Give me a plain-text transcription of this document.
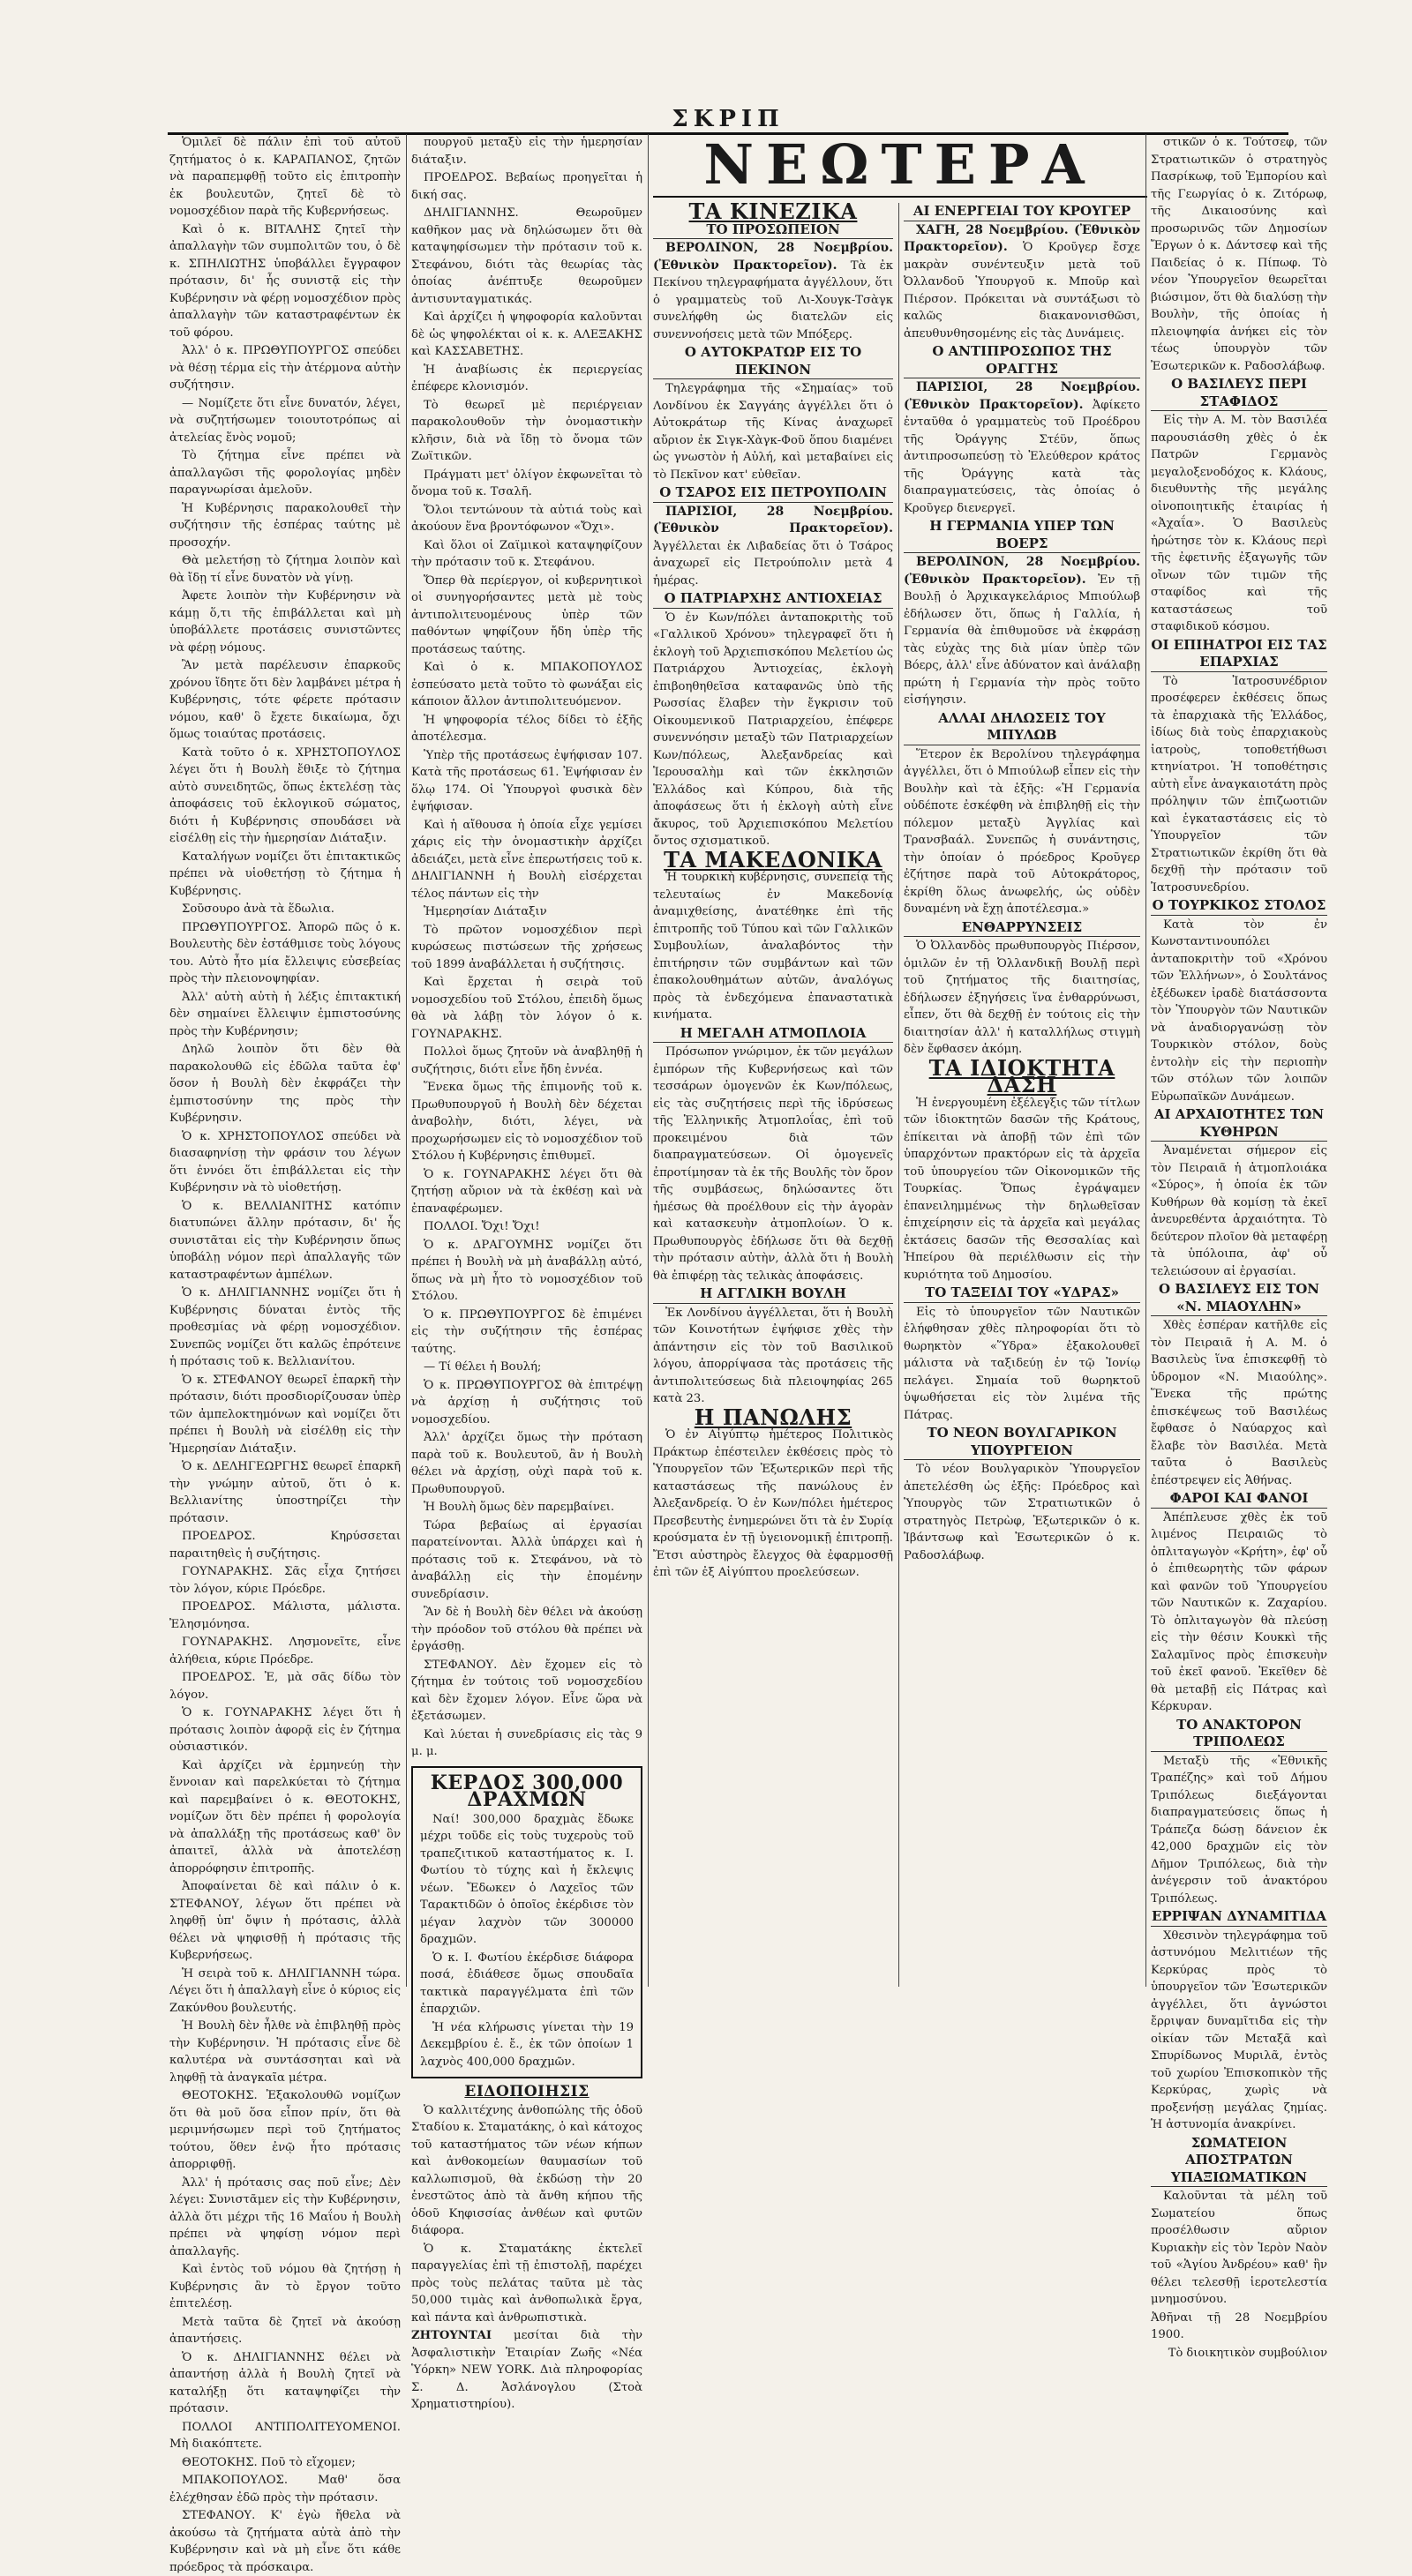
ΣΚΡΙΠ

Ὁμιλεῖ δὲ πάλιν ἐπὶ τοῦ αὐτοῦ ζητήματος ὁ κ. ΚΑΡΑΠΑΝΟΣ, ζητῶν νὰ παραπεμφθῇ τοῦτο εἰς ἐπιτροπὴν ἐκ βουλευτῶν, ζητεῖ δὲ τὸ νομοσχέδιον παρὰ τῆς Κυβερνήσεως.

Καὶ ὁ κ. ΒΙΤΑΛΗΣ ζητεῖ τὴν ἀπαλλαγὴν τῶν συμπολιτῶν του, ὁ δὲ κ. ΣΠΗΛΙΩΤΗΣ ὑποβάλλει ἔγγραφον πρότασιν, δι' ἧς συνιστᾷ εἰς τὴν Κυβέρνησιν νὰ φέρῃ νομοσχέδιον πρὸς ἀπαλλαγὴν τῶν καταστραφέντων ἐκ τοῦ φόρου.

Ἀλλ' ὁ κ. ΠΡΩΘΥΠΟΥΡΓΟΣ σπεύδει νὰ θέσῃ τέρμα εἰς τὴν ἀτέρμονα αὐτὴν συζήτησιν.

— Νομίζετε ὅτι εἶνε δυνατόν, λέγει, νὰ συζητήσωμεν τοιουτοτρόπως αἱ ἀτελείας ἕνὸς νομοῦ;

Τὸ ζήτημα εἶνε πρέπει νὰ ἀπαλλαγῶσι τῆς φορολογίας μηδὲν παραγνωρίσαι ἀμελοῦν.

Ἡ Κυβέρνησις παρακολουθεῖ τὴν συζήτησιν τῆς ἐσπέρας ταύτης μὲ προσοχήν.

Θὰ μελετήσῃ τὸ ζήτημα λοιπὸν καὶ θὰ ἴδῃ τί εἶνε δυνατὸν νὰ γίνῃ.

Ἀφετε λοιπὸν τὴν Κυβέρνησιν νὰ κάμῃ ὅ,τι τῆς ἐπιβάλλεται καὶ μὴ ὑποβάλλετε προτάσεις συνιστῶντες νὰ φέρῃ νόμους.

Ἂν μετὰ παρέλευσιν ἐπαρκοῦς χρόνου ἴδητε ὅτι δὲν λαμβάνει μέτρα ἡ Κυβέρνησις, τότε φέρετε πρότασιν νόμου, καθ' ὃ ἔχετε δικαίωμα, ὄχι ὅμως τοιαύτας προτάσεις.

Κατὰ τοῦτο ὁ κ. ΧΡΗΣΤΟΠΟΥΛΟΣ λέγει ὅτι ἡ Βουλὴ ἔθιξε τὸ ζήτημα αὐτὸ συνειδητῶς, ὅπως ἐκτελέσῃ τὰς ἀποφάσεις τοῦ ἐκλογικοῦ σώματος, διότι ἡ Κυβέρνησις σπουδάσει νὰ εἰσέλθῃ εἰς τὴν ἡμερησίαν Διάταξιν.

Καταλήγων νομίζει ὅτι ἐπιτακτικῶς πρέπει νὰ υἱοθετήσῃ τὸ ζήτημα ἡ Κυβέρνησις.

Σοῦσουρο ἀνὰ τὰ ἕδωλια.

ΠΡΩΘΥΠΟΥΡΓΟΣ. Ἀπορῶ πῶς ὁ κ. Βουλευτὴς δὲν ἐστάθμισε τοὺς λόγους του. Αὐτὸ ἦτο μία ἔλλειψις εὐσεβείας πρὸς τὴν πλειονοψηφίαν.

Ἀλλ' αὐτὴ αὐτὴ ἡ λέξις ἐπιτακτική δὲν σημαίνει ἔλλειψιν ἐμπιστοσύνης πρὸς τὴν Κυβέρνησιν;

Δηλῶ λοιπὸν ὅτι δὲν θὰ παρακολουθῶ εἰς ἐδῶλα ταῦτα ἐφ' ὅσον ἡ Βουλὴ δὲν ἐκφράζει τὴν ἐμπιστοσύνην της πρὸς τὴν Κυβέρνησιν.

Ὁ κ. ΧΡΗΣΤΟΠΟΥΛΟΣ σπεύδει νὰ διασαφηνίσῃ τὴν φράσιν του λέγων ὅτι ἐννόει ὅτι ἐπιβάλλεται εἰς τὴν Κυβέρνησιν νὰ τὸ υἱοθετήσῃ.

Ὁ κ. ΒΕΛΛΙΑΝΙΤΗΣ κατόπιν διατυπώνει ἄλλην πρότασιν, δι' ἧς συνιστᾶται εἰς τὴν Κυβέρνησιν ὅπως ὑποβάλῃ νόμον περὶ ἀπαλλαγῆς τῶν καταστραφέντων ἀμπέλων.

Ὁ κ. ΔΗΛΙΓΙΑΝΝΗΣ νομίζει ὅτι ἡ Κυβέρνησις δύναται ἐντὸς τῆς προθεσμίας νὰ φέρῃ νομοσχέδιον. Συνεπῶς νομίζει ὅτι καλῶς ἐπρότεινε ἡ πρότασις τοῦ κ. Βελλιανίτου.

Ὁ κ. ΣΤΕΦΑΝΟΥ θεωρεῖ ἐπαρκῆ τὴν πρότασιν, διότι προσδιορίζουσαν ὑπὲρ τῶν ἀμπελοκτημόνων καὶ νομίζει ὅτι πρέπει ἡ Βουλὴ νὰ εἰσέλθῃ εἰς τὴν Ἡμερησίαν Διάταξιν.

Ὁ κ. ΔΕΛΗΓΕΩΡΓΗΣ θεωρεῖ ἐπαρκῆ τὴν γνώμην αὐτοῦ, ὅτι ὁ κ. Βελλιανίτης ὑποστηρίζει τὴν πρότασιν.

ΠΡΟΕΔΡΟΣ. Κηρύσσεται παραιτηθεὶς ἡ συζήτησις.

ΓΟΥΝΑΡΑΚΗΣ. Σᾶς εἶχα ζητήσει τὸν λόγον, κύριε Πρόεδρε.

ΠΡΟΕΔΡΟΣ. Μάλιστα, μάλιστα. Ἐλησμόνησα.

ΓΟΥΝΑΡΑΚΗΣ. Λησμονεῖτε, εἶνε ἀλήθεια, κύριε Πρόεδρε.

ΠΡΟΕΔΡΟΣ. Ἐ, μὰ σᾶς δίδω τὸν λόγον.

Ὁ κ. ΓΟΥΝΑΡΑΚΗΣ λέγει ὅτι ἡ πρότασις λοιπὸν ἀφορᾷ εἰς ἑν ζήτημα οὐσιαστικόν.

Καὶ ἀρχίζει νὰ ἐρμηνεύῃ τὴν ἔννοιαν καὶ παρελκύεται τὸ ζήτημα καὶ παρεμβαίνει ὁ κ. ΘΕΟΤΟΚΗΣ, νομίζων ὅτι δὲν πρέπει ἡ φορολογία νὰ ἀπαλλάξῃ τῆς προτάσεως καθ' ὃν ἀπαιτεῖ, ἀλλὰ νὰ ἀποτελέσῃ ἀπορρόφησιν ἐπιτροπῆς.

Ἀποφαίνεται δὲ καὶ πάλιν ὁ κ. ΣΤΕΦΑΝΟΥ, λέγων ὅτι πρέπει νὰ ληφθῇ ὑπ' ὄψιν ἡ πρότασις, ἀλλὰ θέλει νὰ ψηφισθῇ ἡ πρότασις τῆς Κυβερνήσεως.

Ἡ σειρὰ τοῦ κ. ΔΗΛΙΓΙΑΝΝΗ τώρα. Λέγει ὅτι ἡ ἀπαλλαγὴ εἶνε ὁ κύριος εἰς Ζακύνθου βουλευτής.

Ἡ Βουλὴ δὲν ἦλθε νὰ ἐπιβληθῇ πρὸς τὴν Κυβέρνησιν. Ἡ πρότασις εἶνε δὲ καλυτέρα νὰ συντάσσηται καὶ νὰ ληφθῇ τὰ ἀναγκαῖα μέτρα.

ΘΕΟΤΟΚΗΣ. Ἐξακολουθῶ νομίζων ὅτι θὰ μοῦ ὅσα εἶπον πρίν, ὅτι θὰ μεριμνήσωμεν περὶ τοῦ ζητήματος τούτου, ὅθεν ἐνῷ ἦτο πρότασις ἀπορριφθῇ.

Ἀλλ' ἡ πρότασις σας ποῦ εἶνε; Δὲν λέγει: Συνιστᾶμεν εἰς τὴν Κυβέρνησιν, ἀλλὰ ὅτι μέχρι τῆς 16 Μαΐου ἡ Βουλὴ πρέπει νὰ ψηφίσῃ νόμον περὶ ἀπαλλαγῆς.

Καὶ ἐντὸς τοῦ νόμου θὰ ζητήσῃ ἡ Κυβέρνησις ἂν τὸ ἔργον τοῦτο ἐπιτελέσῃ.

Μετὰ ταῦτα δὲ ζητεῖ νὰ ἀκούσῃ ἀπαντήσεις.

Ὁ κ. ΔΗΛΙΓΙΑΝΝΗΣ θέλει νὰ ἀπαντήσῃ ἀλλὰ ἡ Βουλὴ ζητεῖ νὰ καταλήξῃ ὅτι καταψηφίζει τὴν πρότασιν.

ΠΟΛΛΟΙ ΑΝΤΙΠΟΛΙΤΕΥΟΜΕΝΟΙ. Μὴ διακόπτετε.

ΘΕΟΤΟΚΗΣ. Ποῦ τὸ εἴχομεν;

ΜΠΑΚΟΠΟΥΛΟΣ. Μαθ' ὅσα ἐλέχθησαν ἐδῶ πρὸς τὴν πρότασιν.

ΣΤΕΦΑΝΟΥ. Κ' ἐγὼ ἤθελα νὰ ἀκούσω τὰ ζητήματα αὐτὰ ἀπὸ τὴν Κυβέρνησιν καὶ νὰ μὴ εἶνε ὅτι κάθε πρόεδρος τὰ πρόσκαιρα.

πουργοῦ μεταξὺ εἰς τὴν ἡμερησίαν διάταξιν.

ΠΡΟΕΔΡΟΣ. Βεβαίως προηγεῖται ἡ δική σας.

ΔΗΛΙΓΙΑΝΝΗΣ. Θεωροῦμεν καθῆκον μας νὰ δηλώσωμεν ὅτι θὰ καταψηφίσωμεν τὴν πρότασιν τοῦ κ. Στεφάνου, διότι τὰς θεωρίας τὰς ὁποίας ἀνέπτυξε θεωροῦμεν ἀντισυνταγματικάς.

Καὶ ἀρχίζει ἡ ψηφοφορία καλοῦνται δὲ ὡς ψηφολέκται οἱ κ. κ. ΑΛΕΞΑΚΗΣ καὶ ΚΑΣΣΑΒΕΤΗΣ.

Ἡ ἀναβίωσις ἐκ περιεργείας ἐπέφερε κλονισμόν.

Τὸ θεωρεῖ μὲ περιέργειαν παρακολουθοῦν τὴν ὀνομαστικὴν κλῆσιν, διὰ νὰ ἴδῃ τὸ ὄνομα τῶν Ζωϊτικῶν.

Πράγματι μετ' ὀλίγον ἐκφωνεῖται τὸ ὄνομα τοῦ κ. Τσαλῆ.

Ὅλοι τεντώνουν τὰ αὐτιά τοὺς καὶ ἀκούουν ἕνα βροντόφωνον «Ὄχι».

Καὶ ὅλοι οἱ Ζαϊμικοὶ καταψηφίζουν τὴν πρότασιν τοῦ κ. Στεφάνου.

Ὅπερ θὰ περίεργον, οἱ κυβερνητικοὶ οἱ συνηγορήσαντες μετὰ μὲ τοὺς ἀντιπολιτευομένους ὑπὲρ τῶν παθόντων ψηφίζουν ἤδη ὑπὲρ τῆς προτάσεως ταύτης.

Καὶ ὁ κ. ΜΠΑΚΟΠΟΥΛΟΣ ἐσπεύσατο μετὰ τοῦτο τὸ φωνάξαι εἰς κάποιον ἄλλον ἀντιπολιτευόμενον.

Ἡ ψηφοφορία τέλος δίδει τὸ ἑξῆς ἀποτέλεσμα.

Ὑπὲρ τῆς προτάσεως ἐψήφισαν 107. Κατὰ τῆς προτάσεως 61. Ἐψήφισαν ἐν ὅλῳ 174. Οἱ Ὑπουργοὶ φυσικὰ δὲν ἐψήφισαν.

Καὶ ἡ αἴθουσα ἡ ὁποία εἶχε γεμίσει χάρις εἰς τὴν ὀνομαστικὴν ἀρχίζει ἀδειάζει, μετὰ εἶνε ἐπερωτήσεις τοῦ κ. ΔΗΛΙΓΙΑΝΝΗ ἡ Βουλὴ εἰσέρχεται τέλος πάντων εἰς τὴν

Ἡμερησίαν Διάταξιν

Τὸ πρῶτον νομοσχέδιον περὶ κυρώσεως πιστώσεων τῆς χρήσεως τοῦ 1899 ἀναβάλλεται ἡ συζήτησις.

Καὶ ἔρχεται ἡ σειρὰ τοῦ νομοσχεδίου τοῦ Στόλου, ἐπειδὴ ὅμως θὰ νὰ λάβῃ τὸν λόγον ὁ κ. ΓΟΥΝΑΡΑΚΗΣ.

Πολλοὶ ὅμως ζητοῦν νὰ ἀναβληθῇ ἡ συζήτησις, διότι εἶνε ἤδη ἐννέα.

Ἕνεκα ὅμως τῆς ἐπιμονῆς τοῦ κ. Πρωθυπουργοῦ ἡ Βουλὴ δὲν δέχεται ἀναβολὴν, διότι, λέγει, νὰ προχωρήσωμεν εἰς τὸ νομοσχέδιον τοῦ Στόλου ἡ Κυβέρνησις ἐπιθυμεῖ.

Ὁ κ. ΓΟΥΝΑΡΑΚΗΣ λέγει ὅτι θὰ ζητήσῃ αὔριον νὰ τὰ ἐκθέσῃ καὶ νὰ ἐπαναφέρωμεν.

ΠΟΛΛΟΙ. Ὄχι! Ὄχι!

Ὁ κ. ΔΡΑΓΟΥΜΗΣ νομίζει ὅτι πρέπει ἡ Βουλὴ νὰ μὴ ἀναβάλλῃ αὐτό, ὅπως νὰ μὴ ἦτο τὸ νομοσχέδιον τοῦ Στόλου.

Ὁ κ. ΠΡΩΘΥΠΟΥΡΓΟΣ δὲ ἐπιμένει εἰς τὴν συζήτησιν τῆς ἐσπέρας ταύτης.

— Τί θέλει ἡ Βουλή;

Ὁ κ. ΠΡΩΘΥΠΟΥΡΓΟΣ θὰ ἐπιτρέψῃ νὰ ἀρχίσῃ ἡ συζήτησις τοῦ νομοσχεδίου.

Ἀλλ' ἀρχίζει ὅμως τὴν πρόταση παρὰ τοῦ κ. Βουλευτοῦ, ἂν ἡ Βουλὴ θέλει νὰ ἀρχίσῃ, οὐχὶ παρὰ τοῦ κ. Πρωθυπουργοῦ.

Ἡ Βουλὴ ὅμως δὲν παρεμβαίνει.

Τώρα βεβαίως αἱ ἐργασίαι παρατείνονται. Ἀλλὰ ὑπάρχει καὶ ἡ πρότασις τοῦ κ. Στεφάνου, νὰ τὸ ἀναβάλλῃ εἰς τὴν ἐπομένην συνεδρίασιν.

Ἂν δὲ ἡ Βουλὴ δὲν θέλει νὰ ἀκούσῃ τὴν πρόοδον τοῦ στόλου θὰ πρέπει νὰ ἐργάσθῃ.

ΣΤΕΦΑΝΟΥ. Δὲν ἔχομεν εἰς τὸ ζήτημα ἐν τούτοις τοῦ νομοσχεδίου καὶ δὲν ἔχομεν λόγον. Εἶνε ὥρα νὰ ἐξετάσωμεν.

Καὶ λύεται ἡ συνεδρίασις εἰς τὰς 9 μ. μ.

ΚΕΡΔΟΣ 300,000 ΔΡΑΧΜΩΝ

Ναί! 300,000 δραχμὰς ἔδωκε μέχρι τοῦδε εἰς τοὺς τυχεροὺς τοῦ τραπεζιτικοῦ καταστήματος κ. Ι. Φωτίου τὸ τύχης καὶ ἡ ἔκλεψις νέων. Ἔδωκεν ὁ Λαχεῖος τῶν Ταρακτιδῶν ὁ ὁποῖος ἐκέρδισε τὸν μέγαν λαχνὸν τῶν 300000 δραχμῶν.

Ὁ κ. Ι. Φωτίου ἐκέρδισε διάφορα ποσά, ἐδιάθεσε ὅμως σπουδαῖα τακτικὰ παραγγέλματα ἐπὶ τῶν ἐπαρχιῶν.

Ἡ νέα κλήρωσις γίνεται τὴν 19 Δεκεμβρίου ἐ. ἔ., ἐκ τῶν ὁποίων 1 λαχνὸς 400,000 δραχμῶν.

ΕΙΔΟΠΟΙΗΣΙΣ

Ὁ καλλιτέχνης ἀνθοπώλης τῆς ὁδοῦ Σταδίου κ. Σταματάκης, ὁ καὶ κάτοχος τοῦ καταστήματος τῶν νέων κήπων καὶ ἀνθοκομείων θαυμασίων τοῦ καλλωπισμοῦ, θὰ ἐκδώσῃ τὴν 20 ἐνεστῶτος ἀπὸ τὰ ἄνθη κήπου τῆς ὁδοῦ Κηφισσίας ἀνθέων καὶ φυτῶν διάφορα.

Ὁ κ. Σταματάκης ἐκτελεῖ παραγγελίας ἐπὶ τῇ ἐπιστολῇ, παρέχει πρὸς τοὺς πελάτας ταῦτα μὲ τὰς 50,000 τιμὰς καὶ ἀνθοπωλικὰ ἔργα, καὶ πάντα καὶ ἀνθρωπιστικὰ.

ΖΗΤΟΥΝΤΑΙ μεσίται διὰ τὴν Ἀσφαλιστικὴν Ἑταιρίαν Ζωῆς «Νέα Ὑόρκη» NEW YORK. Διὰ πληροφορίας Σ. Δ. Ἀσλάνογλου (Στοὰ Χρηματιστηρίου).

ΝΕΩΤΕΡΑ

ΤΑ ΚΙΝΕΖΙΚΑ

ΤΟ ΠΡΟΣΩΠΕΙΟΝ

ΒΕΡΟΛΙΝΟΝ, 28 Νοεμβρίου. (Ἐθνικὸν Πρακτορεῖον). Τὰ ἐκ Πεκίνου τηλεγραφήματα ἀγγέλλουν, ὅτι ὁ γραμματεὺς τοῦ Λι-Χουγκ-Τσὰγκ συνελήφθη ὡς διατελῶν εἰς συνεννοήσεις μετὰ τῶν Μπόξερς.

Ο ΑΥΤΟΚΡΑΤΩΡ ΕΙΣ ΤΟ ΠΕΚΙΝΟΝ

Τηλεγράφημα τῆς «Σημαίας» τοῦ Λονδίνου ἐκ Σαγγάης ἀγγέλλει ὅτι ὁ Αὐτοκράτωρ τῆς Κίνας ἀναχωρεῖ αὔριον ἐκ Σιγκ-Χὰγκ-Φοῦ ὅπου διαμένει ὡς γνωστὸν ἡ Αὐλή, καὶ μεταβαίνει εἰς τὸ Πεκῖνον κατ' εὐθεῖαν.

Ο ΤΣΑΡΟΣ ΕΙΣ ΠΕΤΡΟΥΠΟΛΙΝ

ΠΑΡΙΣΙΟΙ, 28 Νοεμβρίου. (Ἐθνικὸν Πρακτορεῖον). Ἀγγέλλεται ἐκ Λιβαδείας ὅτι ὁ Τσάρος ἀναχωρεῖ εἰς Πετρούπολιν μετὰ 4 ἡμέρας.

Ο ΠΑΤΡΙΑΡΧΗΣ ΑΝΤΙΟΧΕΙΑΣ

Ὁ ἐν Κων/πόλει ἀνταποκριτὴς τοῦ «Γαλλικοῦ Χρόνου» τηλεγραφεῖ ὅτι ἡ ἐκλογὴ τοῦ Ἀρχιεπισκόπου Μελετίου ὡς Πατριάρχου Ἀντιοχείας, ἐκλογὴ ἐπιβοηθηθεῖσα καταφανῶς ὑπὸ τῆς Ρωσσίας ἔλαβεν τὴν ἔγκρισιν τοῦ Οἰκουμενικοῦ Πατριαρχείου, ἐπέφερε συνεννόησιν μεταξὺ τῶν Πατριαρχείων Κων/πόλεως, Ἀλεξανδρείας καὶ Ἱερουσαλὴμ καὶ τῶν ἐκκλησιῶν Ἑλλάδος καὶ Κύπρου, διὰ τῆς ἀποφάσεως ὅτι ἡ ἐκλογὴ αὐτὴ εἶνε ἄκυρος, τοῦ Ἀρχιεπισκόπου Μελετίου ὄντος σχισματικοῦ.

ΤΑ ΜΑΚΕΔΟΝΙΚΑ

Ἡ τουρκικὴ κυβέρνησις, συνεπείᾳ τῆς τελευταίως ἐν Μακεδονίᾳ ἀναμιχθείσης, ἀνατέθηκε ἐπὶ τῆς ἐπιτροπῆς τοῦ Τύπου καὶ τῶν Γαλλικῶν Συμβουλίων, ἀναλαβόντος τὴν ἐπιτήρησιν τῶν συμβάντων καὶ τῶν ἐπακολουθημάτων αὐτῶν, ἀναλόγως πρὸς τὰ ἐνδεχόμενα ἐπαναστατικὰ κινήματα.

Η ΜΕΓΑΛΗ ΑΤΜΟΠΛΟΙΑ

Πρόσωπον γνώριμον, ἐκ τῶν μεγάλων ἐμπόρων τῆς Κυβερνήσεως καὶ τῶν τεσσάρων ὁμογενῶν ἐκ Κων/πόλεως, εἰς τὰς συζητήσεις περὶ τῆς ἱδρύσεως τῆς Ἑλληνικῆς Ἀτμοπλοΐας, ἐπὶ τοῦ προκειμένου διὰ τῶν διαπραγματεύσεων. Οἱ ὁμογενεῖς ἐπροτίμησαν τὰ ἐκ τῆς Βουλῆς τὸν ὅρον τῆς συμβάσεως, δηλώσαντες ὅτι ἠμέσως θὰ προέλθουν εἰς τὴν ἀγορὰν καὶ κατασκευὴν ἀτμοπλοίων. Ὁ κ. Πρωθυπουργὸς ἐδήλωσε ὅτι θὰ δεχθῇ τὴν πρότασιν αὐτὴν, ἀλλὰ ὅτι ἡ Βουλὴ θὰ ἐπιφέρῃ τὰς τελικὰς ἀποφάσεις.

Η ΑΓΓΛΙΚΗ ΒΟΥΛΗ

Ἐκ Λονδίνου ἀγγέλλεται, ὅτι ἡ Βουλὴ τῶν Κοινοτήτων ἐψήφισε χθὲς τὴν ἀπάντησιν εἰς τὸν τοῦ Βασιλικοῦ λόγου, ἀπορρίψασα τὰς προτάσεις τῆς ἀντιπολιτεύσεως διὰ πλειοψηφίας 265 κατὰ 23.

Η ΠΑΝΩΛΗΣ

Ὁ ἐν Αἰγύπτῳ ἡμέτερος Πολιτικὸς Πράκτωρ ἐπέστειλεν ἐκθέσεις πρὸς τὸ Ὑπουργεῖον τῶν Ἐξωτερικῶν περὶ τῆς καταστάσεως τῆς πανώλους ἐν Ἀλεξανδρείᾳ. Ὁ ἐν Κων/πόλει ἡμέτερος Πρεσβευτὴς ἐνημερώνει ὅτι τὰ ἐν Συρίᾳ κρούσματα ἐν τῇ ὑγειονομικῇ ἐπιτροπῇ. Ἔτσι αὐστηρὸς ἔλεγχος θὰ ἐφαρμοσθῇ ἐπὶ τῶν ἐξ Αἰγύπτου προελεύσεων.

ΑΙ ΕΝΕΡΓΕΙΑΙ ΤΟΥ ΚΡΟΥΓΕΡ

ΧΑΓΗ, 28 Νοεμβρίου. (Ἐθνικὸν Πρακτορεῖον). Ὁ Κροῦγερ ἔσχε μακρὰν συνέντευξιν μετὰ τοῦ Ὀλλανδοῦ Ὑπουργοῦ κ. Μποῦρ καὶ Πιέρσον. Πρόκειται νὰ συντάξωσι τὸ καλῶς διακανονισθῶσι, ἀπευθυνθησομένης εἰς τὰς Δυνάμεις.

Ο ΑΝΤΙΠΡΟΣΩΠΟΣ ΤΗΣ ΟΡΑΓΓΗΣ

ΠΑΡΙΣΙΟΙ, 28 Νοεμβρίου. (Ἐθνικὸν Πρακτορεῖον). Ἀφίκετο ἐνταῦθα ὁ γραμματεὺς τοῦ Προέδρου τῆς Ὀράγγης Στέϋν, ὅπως ἀντιπροσωπεύσῃ τὸ Ἐλεύθερον κράτος τῆς Ὀράγγης κατὰ τὰς διαπραγματεύσεις, τὰς ὁποίας ὁ Κροῦγερ διενεργεῖ.

Η ΓΕΡΜΑΝΙΑ ΥΠΕΡ ΤΩΝ ΒΟΕΡΣ

ΒΕΡΟΛΙΝΟΝ, 28 Νοεμβρίου. (Ἐθνικὸν Πρακτορεῖον). Ἐν τῇ Βουλῇ ὁ Ἀρχικαγκελάριος Μπιούλωβ ἐδήλωσεν ὅτι, ὅπως ἡ Γαλλία, ἡ Γερμανία θὰ ἐπιθυμοῦσε νὰ ἐκφράσῃ τὰς εὐχὰς της διὰ μίαν ὑπὲρ τῶν Βόερς, ἀλλ' εἶνε ἀδύνατον καὶ ἀνάλαβῃ πρώτη ἡ Γερμανία τὴν πρὸς τοῦτο εἰσήγησιν.

ΑΛΛΑΙ ΔΗΛΩΣΕΙΣ ΤΟΥ ΜΠΥΛΩΒ

Ἕτερον ἐκ Βερολίνου τηλεγράφημα ἀγγέλλει, ὅτι ὁ Μπιούλωβ εἶπεν εἰς τὴν Βουλὴν καὶ τὰ ἑξῆς: «Ἡ Γερμανία οὐδέποτε ἐσκέφθη νὰ ἐπιβληθῇ εἰς τὴν πόλεμον μεταξὺ Ἀγγλίας καὶ Τρανσβαάλ. Συνεπῶς ἡ συνάντησις, τὴν ὁποίαν ὁ πρόεδρος Κροῦγερ ἐζήτησε παρὰ τοῦ Αὐτοκράτορος, ἐκρίθη ὅλως ἀνωφελής, ὡς οὐδὲν δυναμένη νὰ ἔχῃ ἀποτέλεσμα.»

ΕΝΘΑΡΡΥΝΣΕΙΣ

Ὁ Ὀλλανδὸς πρωθυπουργὸς Πιέρσον, ὁμιλῶν ἐν τῇ Ὀλλανδικῇ Βουλῇ περὶ τοῦ ζητήματος τῆς διαιτησίας, ἐδήλωσεν ἐξηγήσεις ἵνα ἐνθαρρύνωσι, εἶπεν, ὅτι θὰ δεχθῇ ἐν τούτοις εἰς τὴν διαιτησίαν ἀλλ' ἡ καταλλήλως στιγμὴ δὲν ἔφθασεν ἀκόμη.

ΤΑ ΙΔΙΟΚΤΗΤΑ ΔΑΣΗ

Ἡ ἐνεργουμένη ἐξέλεγξις τῶν τίτλων τῶν ἰδιοκτητῶν δασῶν τῆς Κράτους, ἐπίκειται νὰ ἀποβῇ τῶν ἐπὶ τῶν ὑπαρχόντων πρακτόρων εἰς τὰ ἀρχεῖα τοῦ ὑπουργείου τῶν Οἰκονομικῶν τῆς Τουρκίας. Ὅπως ἐγράψαμεν ἐπανειλημμένως τὴν δηλωθεῖσαν ἐπιχείρησιν εἰς τὰ ἀρχεῖα καὶ μεγάλας ἐκτάσεις δασῶν τῆς Θεσσαλίας καὶ Ἠπείρου θὰ περιέλθωσιν εἰς τὴν κυριότητα τοῦ Δημοσίου.

ΤΟ ΤΑΞΕΙΔΙ ΤΟΥ «ΥΔΡΑΣ»

Εἰς τὸ ὑπουργεῖον τῶν Ναυτικῶν ἐλήφθησαν χθὲς πληροφορίαι ὅτι τὸ θωρηκτὸν «Ὕδρα» ἐξακολουθεῖ μάλιστα νὰ ταξιδεύῃ ἐν τῷ Ἰονίῳ πελάγει. Σημαία τοῦ θωρηκτοῦ ὑψωθήσεται εἰς τὸν λιμένα τῆς Πάτρας.

ΤΟ ΝΕΟΝ ΒΟΥΛΓΑΡΙΚΟΝ ΥΠΟΥΡΓΕΙΟΝ

Τὸ νέον Βουλγαρικὸν Ὑπουργεῖον ἀπετελέσθη ὡς ἑξῆς: Πρόεδρος καὶ Ὑπουργὸς τῶν Στρατιωτικῶν ὁ στρατηγὸς Πετρὼφ, Ἐξωτερικῶν ὁ κ. Ἰβάντσωφ καὶ Ἐσωτερικῶν ὁ κ. Ραδοσλάβωφ.

στικῶν ὁ κ. Τούτσεφ, τῶν Στρατιωτικῶν ὁ στρατηγὸς Πασρίκωφ, τοῦ Ἐμπορίου καὶ τῆς Γεωργίας ὁ κ. Ζιτόρωφ, τῆς Δικαιοσύνης καὶ προσωρινῶς τῶν Δημοσίων Ἔργων ὁ κ. Δάντσεφ καὶ τῆς Παιδείας ὁ κ. Πίπωφ. Τὸ νέον Ὑπουργεῖον θεωρεῖται βιώσιμον, ὅτι θὰ διαλύσῃ τὴν Βουλὴν, τῆς ὁποίας ἡ πλειοψηφία ἀνήκει εἰς τὸν τέως ὑπουργὸν τῶν Ἐσωτερικῶν κ. Ραδοσλάβωφ.

Ο ΒΑΣΙΛΕΥΣ ΠΕΡΙ ΣΤΑΦΙΔΟΣ

Εἰς τὴν Α. Μ. τὸν Βασιλέα παρουσιάσθη χθὲς ὁ ἐκ Πατρῶν Γερμανὸς μεγαλοξενοδόχος κ. Κλάους, διευθυντὴς τῆς μεγάλης οἰνοποιητικῆς ἑταιρίας ἡ «Ἀχαΐα». Ὁ Βασιλεὺς ἠρώτησε τὸν κ. Κλάους περὶ τῆς ἐφετινῆς ἐξαγωγῆς τῶν οἴνων τῶν τιμῶν τῆς σταφίδος καὶ τῆς καταστάσεως τοῦ σταφιδικοῦ κόσμου.

ΟΙ ΕΠΙΗΑΤΡΟΙ ΕΙΣ ΤΑΣ ΕΠΑΡΧΙΑΣ

Τὸ Ἰατροσυνέδριον προσέφερεν ἐκθέσεις ὅπως τὰ ἐπαρχιακὰ τῆς Ἑλλάδος, ἰδίως διὰ τοὺς ἐπαρχιακοὺς ἰατροὺς, τοποθετήθωσι κτηνίατροι. Ἡ τοποθέτησις αὐτὴ εἶνε ἀναγκαιοτάτη πρὸς πρόληψιν τῶν ἐπιζωοτιῶν καὶ ἐγκαταστάσεις εἰς τὸ Ὑπουργεῖον τῶν Στρατιωτικῶν ἐκρίθη ὅτι θὰ δεχθῇ τὴν πρότασιν τοῦ Ἰατροσυνεδρίου.

Ο ΤΟΥΡΚΙΚΟΣ ΣΤΟΛΟΣ

Κατὰ τὸν ἐν Κωνσταντινουπόλει ἀνταποκριτὴν τοῦ «Χρόνου τῶν Ἑλλήνων», ὁ Σουλτάνος ἐξέδωκεν ἰραδὲ διατάσσοντα τὸν Ὑπουργὸν τῶν Ναυτικῶν νὰ ἀναδιοργανώσῃ τὸν Τουρκικὸν στόλον, δοὺς ἐντολὴν εἰς τὴν περιοπὴν τῶν στόλων τῶν λοιπῶν Εὐρωπαϊκῶν Δυνάμεων.

ΑΙ ΑΡΧΑΙΟΤΗΤΕΣ ΤΩΝ ΚΥΘΗΡΩΝ

Ἀναμένεται σήμερον εἰς τὸν Πειραιᾶ ἡ ἀτμοπλοιάκα «Σύρος», ἡ ὁποία ἐκ τῶν Κυθήρων θὰ κομίσῃ τὰ ἐκεῖ ἀνευρεθέντα ἀρχαιότητα. Τὸ δεύτερον πλοῖον θὰ μεταφέρῃ τὰ ὑπόλοιπα, ἀφ' οὗ τελειώσουν αἱ ἐργασίαι.

Ο ΒΑΣΙΛΕΥΣ ΕΙΣ ΤΟΝ «Ν. ΜΙΑΟΥΛΗΝ»

Χθὲς ἑσπέραν κατῆλθε εἰς τὸν Πειραιᾶ ἡ Α. Μ. ὁ Βασιλεὺς ἵνα ἐπισκεφθῇ τὸ ὑδρομον «Ν. Μιαούλης». Ἕνεκα τῆς πρώτης ἐπισκέψεως τοῦ Βασιλέως ἔφθασε ὁ Ναύαρχος καὶ ἔλαβε τὸν Βασιλέα. Μετὰ ταῦτα ὁ Βασιλεὺς ἐπέστρεψεν εἰς Ἀθήνας.

ΦΑΡΟΙ ΚΑΙ ΦΑΝΟΙ

Ἀπέπλευσε χθὲς ἐκ τοῦ λιμένος Πειραιῶς τὸ ὁπλιταγωγὸν «Κρήτη», ἐφ' οὗ ὁ ἐπιθεωρητὴς τῶν φάρων καὶ φανῶν τοῦ Ὑπουργείου τῶν Ναυτικῶν κ. Ζαχαρίου. Τὸ ὁπλιταγωγὸν θὰ πλεύσῃ εἰς τὴν θέσιν Κουκκὶ τῆς Σαλαμῖνος πρὸς ἐπισκευὴν τοῦ ἐκεῖ φανοῦ. Ἐκεῖθεν δὲ θὰ μεταβῇ εἰς Πάτρας καὶ Κέρκυραν.

ΤΟ ΑΝΑΚΤΟΡΟΝ ΤΡΙΠΟΛΕΩΣ

Μεταξὺ τῆς «Ἐθνικῆς Τραπέζης» καὶ τοῦ Δήμου Τριπόλεως διεξάγονται διαπραγματεύσεις ὅπως ἡ Τράπεζα δώσῃ δάνειον ἐκ 42,000 δραχμῶν εἰς τὸν Δῆμον Τριπόλεως, διὰ τὴν ἀνέγερσιν τοῦ ἀνακτόρου Τριπόλεως.

ΕΡΡΙΨΑΝ ΔΥΝΑΜΙΤΙΔΑ

Χθεσινὸν τηλεγράφημα τοῦ ἀστυνόμου Μελιτιέων τῆς Κερκύρας πρὸς τὸ ὑπουργεῖον τῶν Ἐσωτερικῶν ἀγγέλλει, ὅτι ἀγνώστοι ἔρριψαν δυναμῖτιδα εἰς τὴν οἰκίαν τῶν Μεταξᾶ καὶ Σπυρίδωνος Μυριλᾶ, ἐντὸς τοῦ χωρίου Ἐπισκοπικὸν τῆς Κερκύρας, χωρὶς νὰ προξενήσῃ μεγάλας ζημίας. Ἡ ἀστυνομία ἀνακρίνει.

ΣΩΜΑΤΕΙΟΝ ΑΠΟΣΤΡΑΤΩΝ ΥΠΑΞΙΩΜΑΤΙΚΩΝ

Καλοῦνται τὰ μέλη τοῦ Σωματείου ὅπως προσέλθωσιν αὔριον Κυριακὴν εἰς τὸν Ἱερὸν Ναὸν τοῦ «Ἁγίου Ἀνδρέου» καθ' ἣν θέλει τελεσθῇ ἱεροτελεστία μνημοσύνου.

Ἀθῆναι τῇ 28 Νοεμβρίου 1900.

Τὸ διοικητικὸν συμβούλιον
